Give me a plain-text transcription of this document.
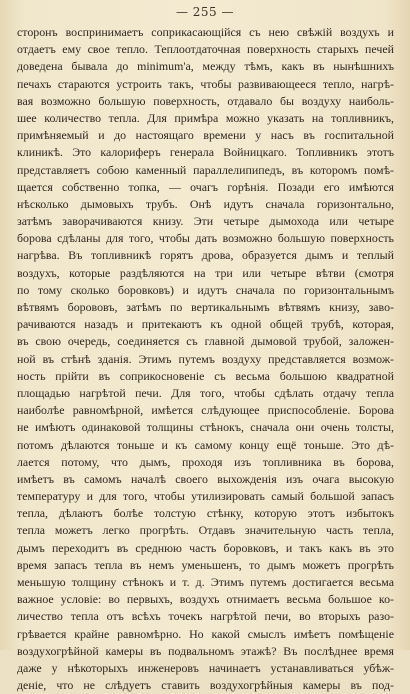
— 255 —
сторонъ воспринимаетъ соприкасающійся съ нею свѣжій воздухъ и
отдаетъ ему свое тепло. Теплоотдаточная поверхность старыхъ печей
доведена бывала до minimum'a, между тѣмъ, какъ въ нынѣшнихъ
печахъ стараются устроить такъ, чтобы развивающееся тепло, нагрѣ-
вая возможно большую поверхность, отдавало бы воздуху наиболь-
шее количество тепла. Для примѣра можно указать на топливникъ,
примѣняемый и до настоящаго времени у насъ въ госпитальной
клиникѣ. Это калориферъ генерала Войницкаго. Топливникъ этотъ
представляетъ собою каменный параллелипипедъ, въ которомъ помѣ-
щается собственно топка, — очагъ горѣнія. Позади его имѣются
нѣсколько дымовыхъ трубъ. Онѣ идутъ сначала горизонтально,
затѣмъ заворачиваются книзу. Эти четыре дымохода или четыре
борова сдѣланы для того, чтобы дать возможно большую поверхность
нагрѣва. Въ топливникѣ горятъ дрова, образуется дымъ и теплый
воздухъ, которые раздѣляются на три или четыре вѣтви (смотря
по тому сколько боровковъ) и идутъ сначала по горизонтальнымъ
вѣтвямъ борововъ, затѣмъ по вертикальнымъ вѣтвямъ книзу, заво-
рачиваются назадъ и притекаютъ къ одной общей трубѣ, которая,
въ свою очередь, соединяется съ главной дымовой трубой, заложен-
ной въ стѣнѣ зданія. Этимъ путемъ воздуху представляется возмож-
ность прійти въ соприкосновеніе съ весьма большою квадратной
площадью нагрѣтой печи. Для того, чтобы сдѣлать отдачу тепла
наиболѣе равномѣрной, имѣется слѣдующее приспособленіе. Борова
не имѣютъ одинаковой толщины стѣнокъ, сначала они очень толсты,
потомъ дѣлаются тоньше и къ самому концу ещё тоньше. Это дѣ-
лается потому, что дымъ, проходя изъ топливника въ борова,
имѣетъ въ самомъ началѣ своего выхожденія изъ очага высокую
температуру и для того, чтобы утилизировать самый большой запасъ
тепла, дѣлаютъ болѣе толстую стѣнку, которую этотъ избытокъ
тепла можетъ легко прогрѣть. Отдавъ значительную часть тепла,
дымъ переходитъ въ среднюю часть боровковъ, и такъ какъ въ это
время запасъ тепла въ немъ уменьшенъ, то дымъ можетъ прогрѣть
меньшую толщину стѣнокъ и т. д. Этимъ путемъ достигается весьма
важное условіе: во первыхъ, воздухъ отнимаетъ весьма большое ко-
личество тепла отъ всѣхъ точекъ нагрѣтой печи, во вторыхъ разо-
грѣвается крайне равномѣрно. Но какой смыслъ имѣетъ помѣщеніе
воздухогрѣйной камеры въ подвальномъ этажѣ? Въ послѣднее время
даже у нѣкоторыхъ инженеровъ начинаетъ устанавливаться убѣж-
деніе, что не слѣдуетъ ставить воздухогрѣйныя камеры въ под-
